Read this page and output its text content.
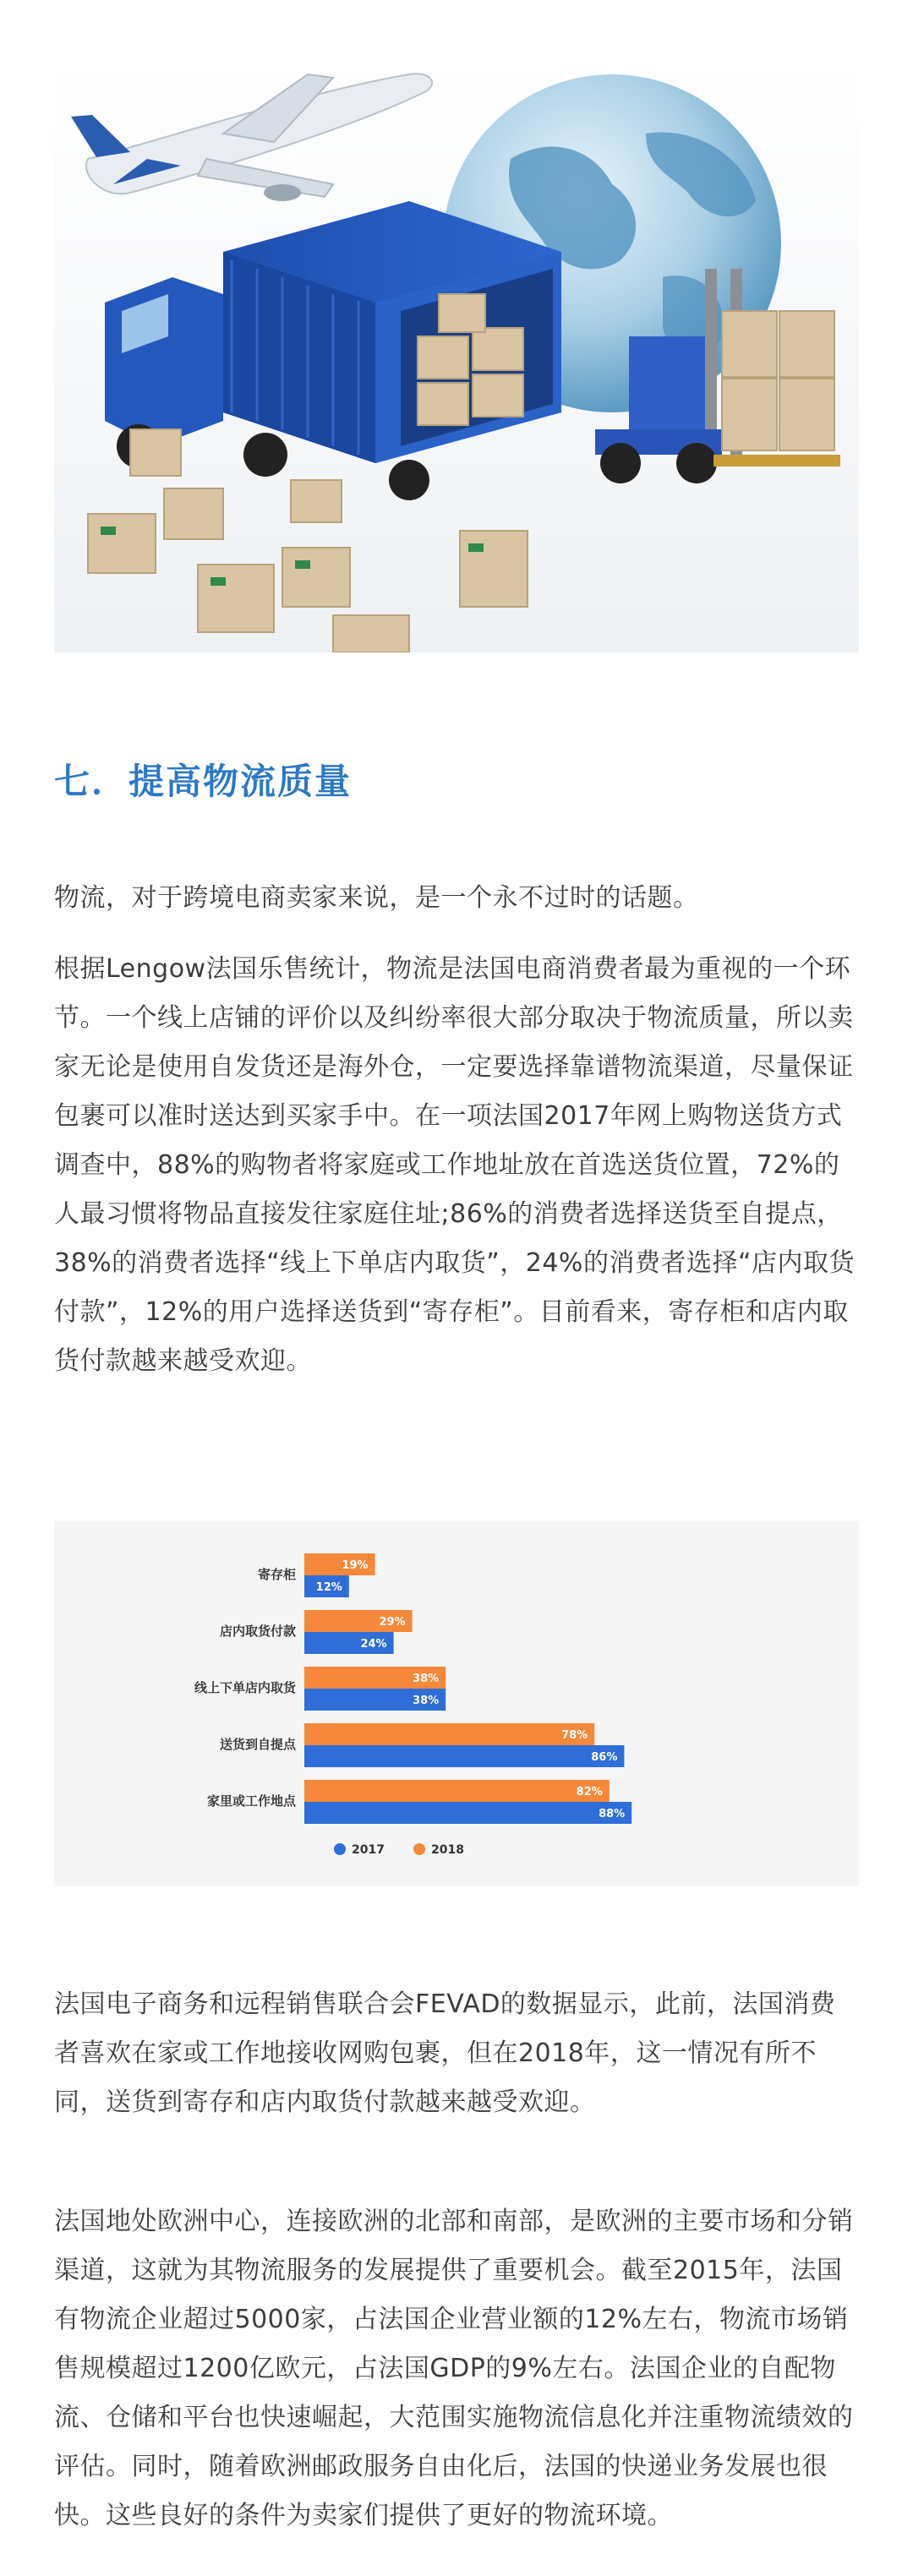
七．提高物流质量

物流，对于跨境电商卖家来说，是一个永不过时的话题。

根据Lengow法国乐售统计，物流是法国电商消费者最为重视的一个环节。一个线上店铺的评价以及纠纷率很大部分取决于物流质量，所以卖家无论是使用自发货还是海外仓，一定要选择靠谱物流渠道，尽量保证包裹可以准时送达到买家手中。在一项法国2017年网上购物送货方式调查中，88%的购物者将家庭或工作地址放在首选送货位置，72%的人最习惯将物品直接发往家庭住址;86%的消费者选择送货至自提点，38%的消费者选择“线上下单店内取货”，24%的消费者选择“店内取货付款”，12%的用户选择送货到“寄存柜”。目前看来，寄存柜和店内取货付款越来越受欢迎。

寄存柜
19%
12%
店内取货付款
29%
24%
线上下单店内取货
38%
38%
送货到自提点
78%
86%
家里或工作地点
82%
88%
2017	2018

法国电子商务和远程销售联合会FEVAD的数据显示，此前，法国消费者喜欢在家或工作地接收网购包裹，但在2018年，这一情况有所不同，送货到寄存和店内取货付款越来越受欢迎。

法国地处欧洲中心，连接欧洲的北部和南部，是欧洲的主要市场和分销渠道，这就为其物流服务的发展提供了重要机会。截至2015年，法国有物流企业超过5000家，占法国企业营业额的12%左右，物流市场销售规模超过1200亿欧元，占法国GDP的9%左右。法国企业的自配物流、仓储和平台也快速崛起，大范围实施物流信息化并注重物流绩效的评估。同时，随着欧洲邮政服务自由化后，法国的快递业务发展也很快。这些良好的条件为卖家们提供了更好的物流环境。
